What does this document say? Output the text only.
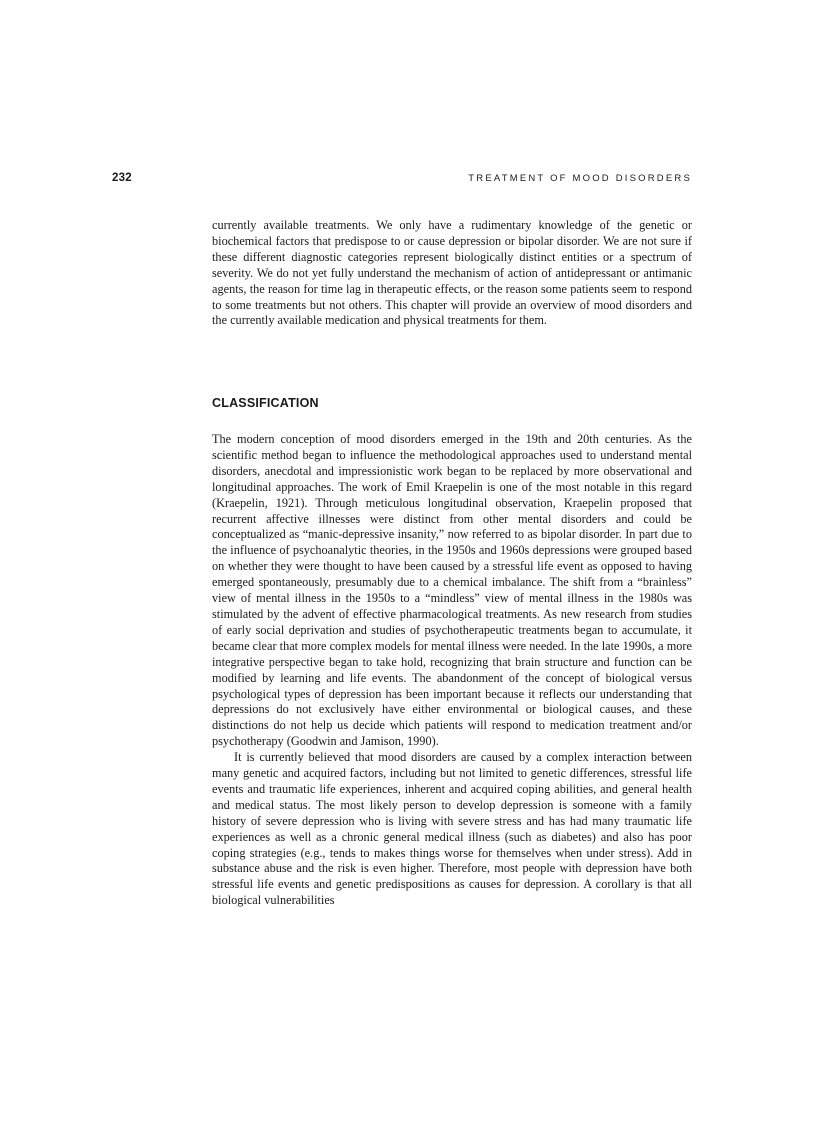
232	TREATMENT OF MOOD DISORDERS

currently available treatments. We only have a rudimentary knowledge of the genetic or biochemical factors that predispose to or cause depression or bipolar disorder. We are not sure if these different diagnostic categories represent biologically distinct entities or a spectrum of severity. We do not yet fully understand the mechanism of action of antidepressant or antimanic agents, the reason for time lag in therapeutic effects, or the reason some patients seem to respond to some treatments but not others. This chapter will provide an overview of mood disorders and the currently available medication and physical treatments for them.

CLASSIFICATION

The modern conception of mood disorders emerged in the 19th and 20th centuries. As the scientific method began to influence the methodological approaches used to understand mental disorders, anecdotal and impressionistic work began to be replaced by more observational and longitudinal approaches. The work of Emil Kraepelin is one of the most notable in this regard (Kraepelin, 1921). Through meticulous longitudinal observation, Kraepelin proposed that recurrent affective illnesses were distinct from other mental disorders and could be conceptualized as “manic-depressive insanity,” now referred to as bipolar disorder. In part due to the influence of psychoanalytic theories, in the 1950s and 1960s depressions were grouped based on whether they were thought to have been caused by a stressful life event as opposed to having emerged spontaneously, presumably due to a chemical imbalance. The shift from a “brainless” view of mental illness in the 1950s to a “mindless” view of mental illness in the 1980s was stimulated by the advent of effective pharmacological treatments. As new research from studies of early social deprivation and studies of psychotherapeutic treatments began to accumulate, it became clear that more complex models for mental illness were needed. In the late 1990s, a more integrative perspective began to take hold, recognizing that brain structure and function can be modified by learning and life events. The abandonment of the concept of biological versus psychological types of depression has been important because it reflects our understanding that depressions do not exclusively have either environmental or biological causes, and these distinctions do not help us decide which patients will respond to medication treatment and/or psychotherapy (Goodwin and Jamison, 1990).

It is currently believed that mood disorders are caused by a complex interaction between many genetic and acquired factors, including but not limited to genetic differences, stressful life events and traumatic life experiences, inherent and acquired coping abilities, and general health and medical status. The most likely person to develop depression is someone with a family history of severe depression who is living with severe stress and has had many traumatic life experiences as well as a chronic general medical illness (such as diabetes) and also has poor coping strategies (e.g., tends to makes things worse for themselves when under stress). Add in substance abuse and the risk is even higher. Therefore, most people with depression have both stressful life events and genetic predispositions as causes for depression. A corollary is that all biological vulnerabilities
